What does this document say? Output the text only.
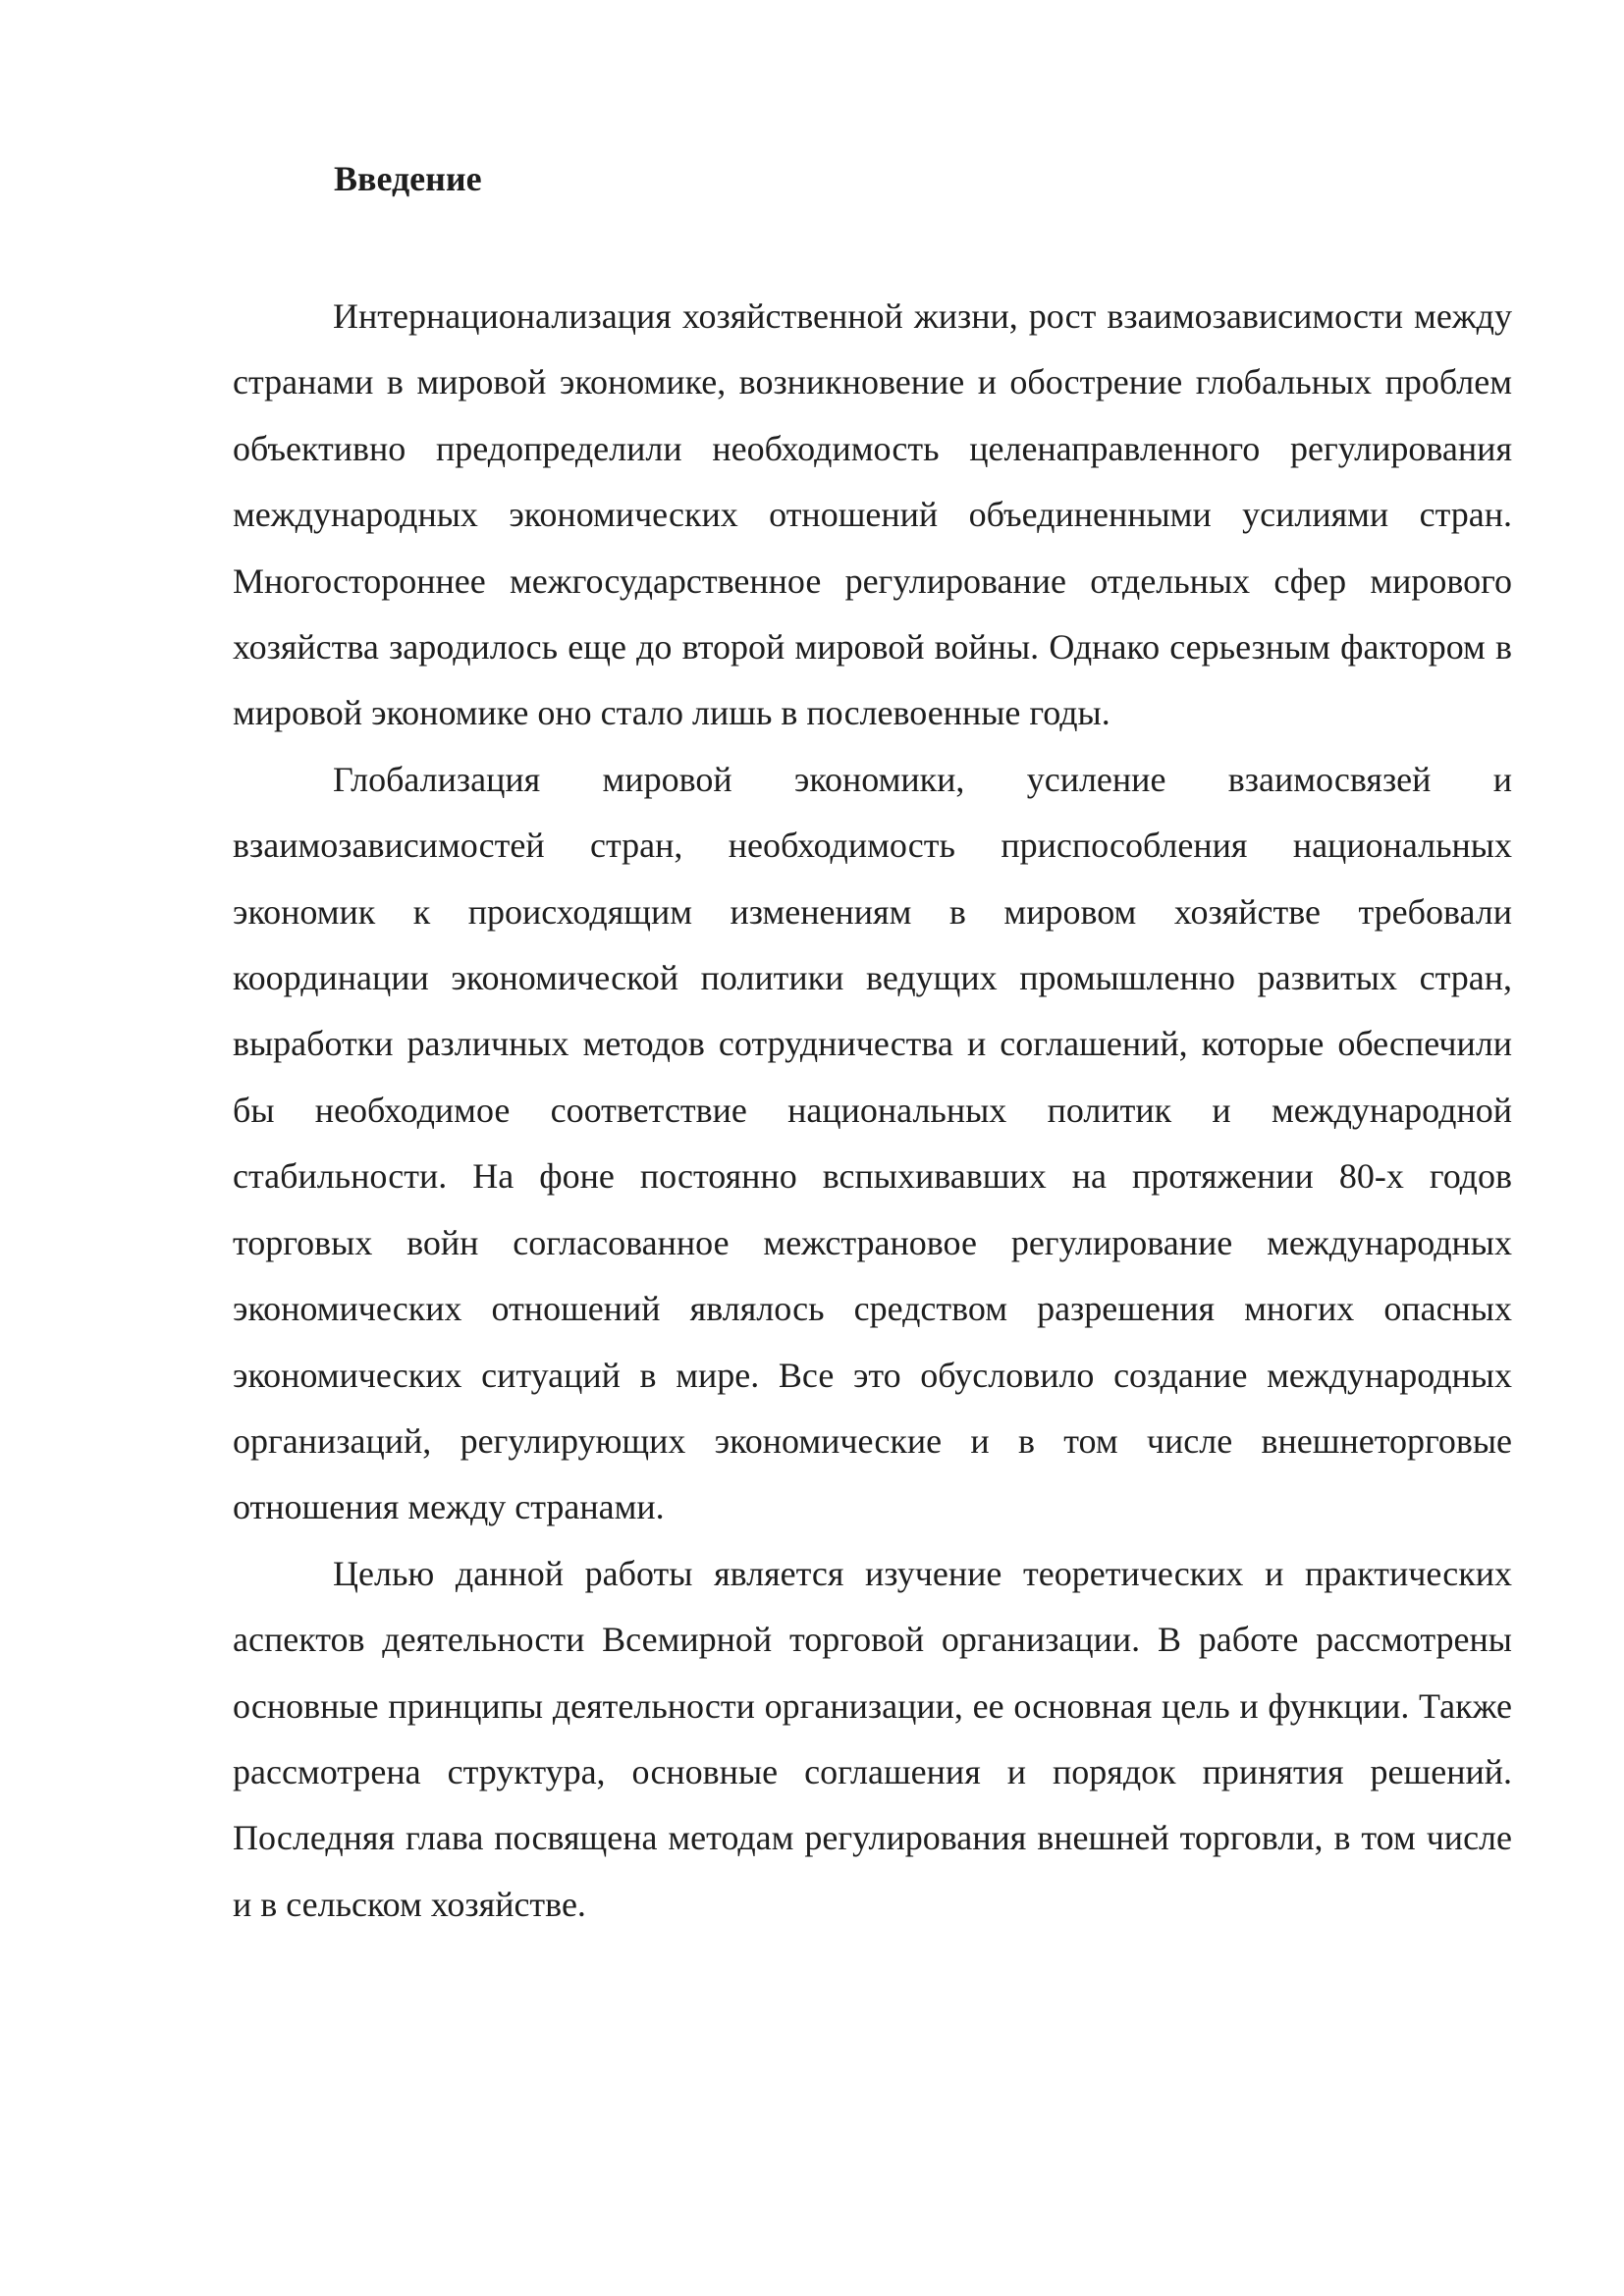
Введение

Интернационализация хозяйственной жизни, рост взаимозависимости между странами в мировой экономике, возникновение и обострение глобальных проблем объективно предопределили необходимость целенаправленного регулирования международных экономических отношений объединенными усилиями стран. Многостороннее межгосударственное регулирование отдельных сфер мирового хозяйства зародилось еще до второй мировой войны. Однако серьезным фактором в мировой экономике оно стало лишь в послевоенные годы.

Глобализация мировой экономики, усиление взаимосвязей и взаимозависимостей стран, необходимость приспособления национальных экономик к происходящим изменениям в мировом хозяйстве требовали координации экономической политики ведущих промышленно развитых стран, выработки различных методов сотрудничества и соглашений, которые обеспечили бы необходимое соответствие национальных политик и международной стабильности. На фоне постоянно вспыхивавших на протяжении 80-х годов торговых войн согласованное межстрановое регулирование международных экономических отношений являлось средством разрешения многих опасных экономических ситуаций в мире. Все это обусловило создание международных организаций, регулирующих экономические и в том числе внешнеторговые отношения между странами.

Целью данной работы является изучение теоретических и практических аспектов деятельности Всемирной торговой организации. В работе рассмотрены основные принципы деятельности организации, ее основная цель и функции. Также рассмотрена структура, основные соглашения и порядок принятия решений. Последняя глава посвящена методам регулирования внешней торговли, в том числе и в сельском хозяйстве.
